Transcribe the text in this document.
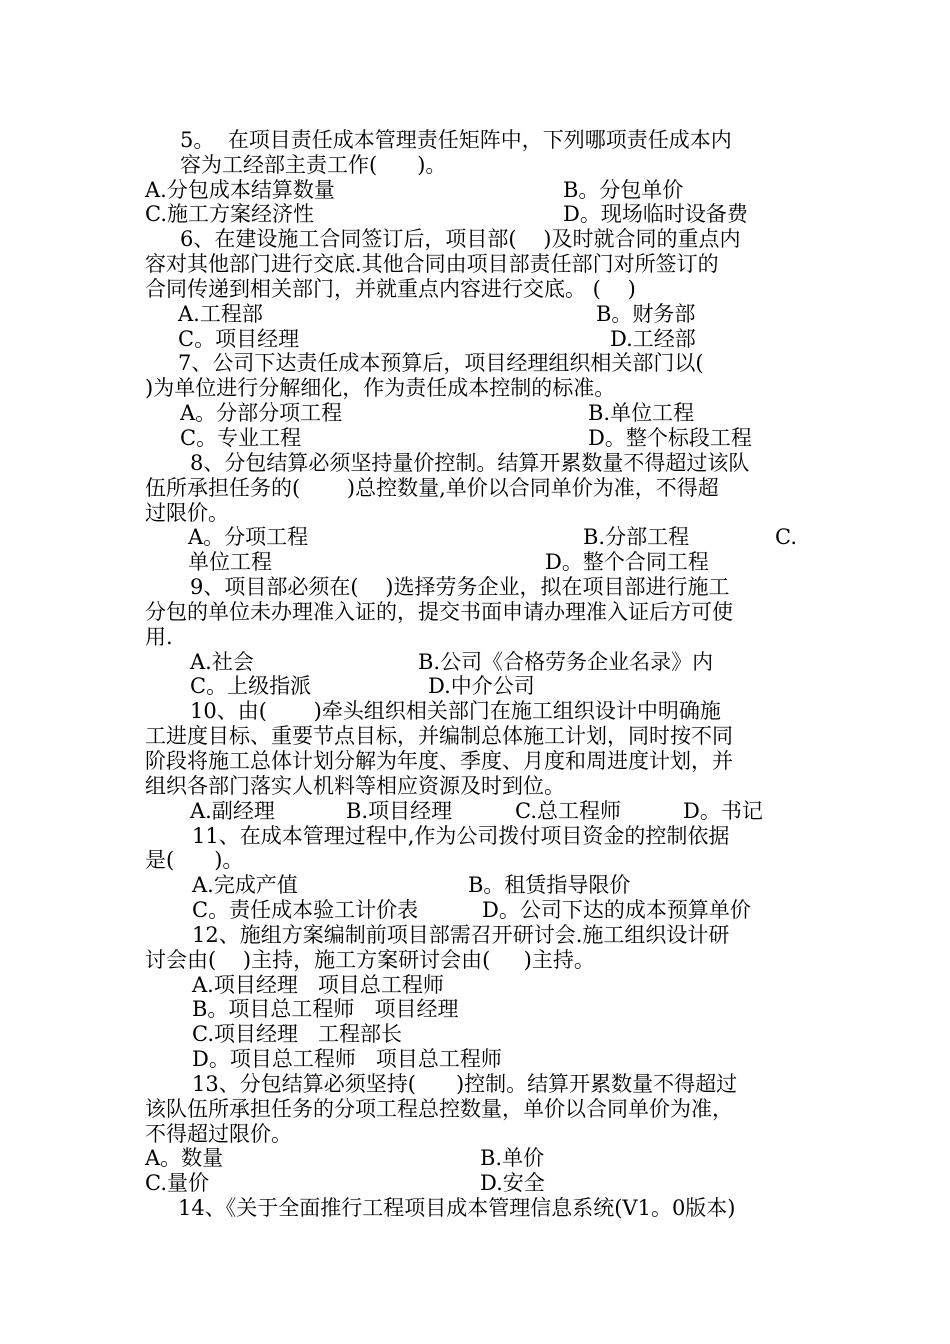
5。  在项目责任成本管理责任矩阵中，下列哪项责任成本内
容为工经部主责工作(      )。
A.分包成本结算数量	B。分包单价
C.施工方案经济性	D。现场临时设备费
6、在建设施工合同签订后，项目部(    )及时就合同的重点内
容对其他部门进行交底.其他合同由项目部责任部门对所签订的
合同传递到相关部门，并就重点内容进行交底。 (    )
A.工程部	B。财务部
C。项目经理	D.工经部
7、公司下达责任成本预算后，项目经理组织相关部门以(
)为单位进行分解细化，作为责任成本控制的标准。
A。分部分项工程	B.单位工程
C。专业工程	D。整个标段工程
8、分包结算必须坚持量价控制。结算开累数量不得超过该队
伍所承担任务的(       )总控数量,单价以合同单价为准，不得超
过限价。
A。分项工程	B.分部工程	C.
单位工程	D。整个合同工程
9、项目部必须在(    )选择劳务企业，拟在项目部进行施工
分包的单位未办理准入证的，提交书面申请办理准入证后方可使
用.
A.社会	B.公司《合格劳务企业名录》内
C。上级指派	D.中介公司
10、由(       )牵头组织相关部门在施工组织设计中明确施
工进度目标、重要节点目标，并编制总体施工计划，同时按不同
阶段将施工总体计划分解为年度、季度、月度和周进度计划，并
组织各部门落实人机料等相应资源及时到位。
A.副经理	B.项目经理	C.总工程师	D。书记
11、在成本管理过程中,作为公司拨付项目资金的控制依据
是(      )。
A.完成产值	B。租赁指导限价
C。责任成本验工计价表	D。公司下达的成本预算单价
12、施组方案编制前项目部需召开研讨会.施工组织设计研
讨会由(    )主持，施工方案研讨会由(     )主持。
A.项目经理   项目总工程师
B。项目总工程师   项目经理
C.项目经理   工程部长
D。项目总工程师   项目总工程师
13、分包结算必须坚持(      )控制。结算开累数量不得超过
该队伍所承担任务的分项工程总控数量，单价以合同单价为准，
不得超过限价。
A。数量	B.单价
C.量价	D.安全
14、《关于全面推行工程项目成本管理信息系统(V1。0版本)
